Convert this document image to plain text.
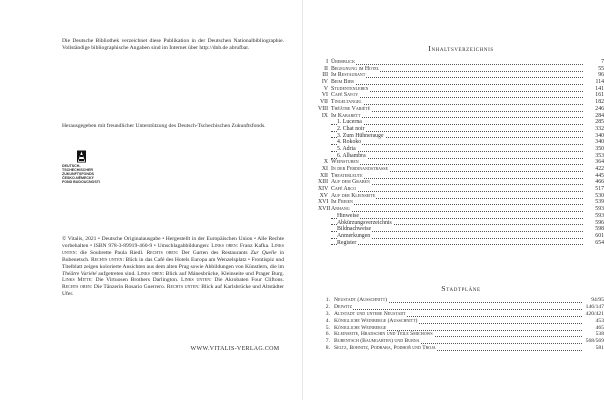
Die Deutsche Bibliothek verzeichnet diese Publikation in der Deutschen Nationalbibliographie. Vollständige bibliographische Angaben sind im Internet über http://dnb.de abrufbar.

Herausgegeben mit freundlicher Unterstützung des Deutsch-Tschechischen Zukunftsfonds.

© Vitalis, 2021 • Deutsche Originalausgabe • Hergestellt in der Europäischen Union • Alle Rechte vorbehalten • ISBN 978-3-89919-460-9 • Umschlagabbildungen: Links oben: Franz Kafka. Links unten: die Soubrette Paula Riedl. Rechts oben: Der Garten des Restaurants Zur Quelle in Bubenetsch. Rechts unten: Blick in das Café des Hotels Europa am Wenzelsplatz • Frontispiz und Titelblatt zeigen kolorierte Ansichten aus dem alten Prag sowie Abbildungen von Künstlern, die im Théâtre Variété aufgetreten sind. Links oben: Blick auf Mánesbrücke, Kleinseite und Prager Burg. Links Mitte: Die Virtuosen Brothers Darlington. Links unten: Die Akrobaten Four Cliftons. Rechts oben: Die Tänzerin Rosario Guerrero. Rechts unten: Blick auf Karlsbrücke und Altstädter Ufer.

WWW.VITALIS-VERLAG.COM
DEUTSCH-TSCHECHISCHER ZUKUNFTSFONDS ČESKO-NĚMECKÝ FOND BUDOUCNOSTI
Inhaltsverzeichnis
I Überblick	7
II Begegnung im Hotel	55
III Im Restaurant	96
IV Beim Bier	114
V Studentenleben	141
VI Café Savoy	161
VII Tingeltangel	182
VIII Théâtre Variété	246
IX Im Kabarett	284
1. Lucerna	285
2. Chat noir	332
3. Zum Hühnerauge	340
4. Rokoko	340
5. Adria	350
6. Alhambra	353
X Weinstuben	364
XI In der Ferdinandstrasse	422
XII Theaterleute	445
XIII Auf dem Graben	466
XIV Café Arco	517
XV Auf der Kleinseite	530
XVI Im Freien	539
XVII Anhang	593
Hinweise	593
Abkürzungsverzeichnis	596
Bildnachweise	598
Anmerkungen	601
Register	654
Stadtpläne
1. Neustadt (Ausschnitt)	94/95
2. Dejwitz	146/147
3. Altstadt und untere Neustadt	420/421
4. Königliche Weinberge (Ausschnitt)	453
5. Königliche Weinberge	465
6. Kleinseite, Hradschin und Teile Smichows	538
7. Bubentsch (Baumgarten) und Bubna	568/569
8. Seltz, Bohnitz, Podbaba, Podhoř und Troja	581
